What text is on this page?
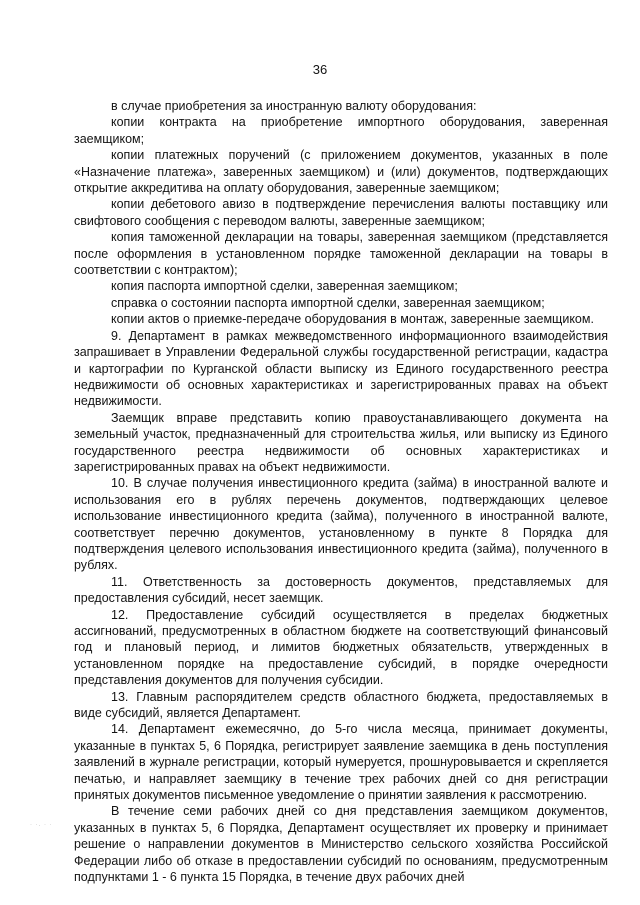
36

в случае приобретения за иностранную валюту оборудования:

копии контракта на приобретение импортного оборудования, заверенная заемщиком;

копии платежных поручений (с приложением документов, указанных в поле «Назначение платежа», заверенных заемщиком) и (или) документов, подтверждающих открытие аккредитива на оплату оборудования, заверенные заемщиком;

копии дебетового авизо в подтверждение перечисления валюты поставщику или свифтового сообщения с переводом валюты, заверенные заемщиком;

копия таможенной декларации на товары, заверенная заемщиком (представляется после оформления в установленном порядке таможенной декларации на товары в соответствии с контрактом);

копия паспорта импортной сделки, заверенная заемщиком;

справка о состоянии паспорта импортной сделки, заверенная заемщиком;

копии актов о приемке-передаче оборудования в монтаж, заверенные заемщиком.

9. Департамент в рамках межведомственного информационного взаимодействия запрашивает в Управлении Федеральной службы государственной регистрации, кадастра и картографии по Курганской области выписку из Единого государственного реестра недвижимости об основных характеристиках и зарегистрированных правах на объект недвижимости.

Заемщик вправе представить копию правоустанавливающего документа на земельный участок, предназначенный для строительства жилья, или выписку из Единого государственного реестра недвижимости об основных характеристиках и зарегистрированных правах на объект недвижимости.

10. В случае получения инвестиционного кредита (займа) в иностранной валюте и использования его в рублях перечень документов, подтверждающих целевое использование инвестиционного кредита (займа), полученного в иностранной валюте, соответствует перечню документов, установленному в пункте 8 Порядка для подтверждения целевого использования инвестиционного кредита (займа), полученного в рублях.

11. Ответственность за достоверность документов, представляемых для предоставления субсидий, несет заемщик.

12. Предоставление субсидий осуществляется в пределах бюджетных ассигнований, предусмотренных в областном бюджете на соответствующий финансовый год и плановый период, и лимитов бюджетных обязательств, утвержденных в установленном порядке на предоставление субсидий, в порядке очередности представления документов для получения субсидии.

13. Главным распорядителем средств областного бюджета, предоставляемых в виде субсидий, является Департамент.

14. Департамент ежемесячно, до 5-го числа месяца, принимает документы, указанные в пунктах 5, 6 Порядка, регистрирует заявление заемщика в день поступления заявлений в журнале регистрации, который нумеруется, прошнуровывается и скрепляется печатью, и направляет заемщику в течение трех рабочих дней со дня регистрации принятых документов письменное уведомление о принятии заявления к рассмотрению.

В течение семи рабочих дней со дня представления заемщиком документов, указанных в пунктах 5, 6 Порядка, Департамент осуществляет их проверку и принимает решение о направлении документов в Министерство сельского хозяйства Российской Федерации либо об отказе в предоставлении субсидий по основаниям, предусмотренным подпунктами 1 - 6 пункта 15 Порядка, в течение двух рабочих дней

· ·. · ·
